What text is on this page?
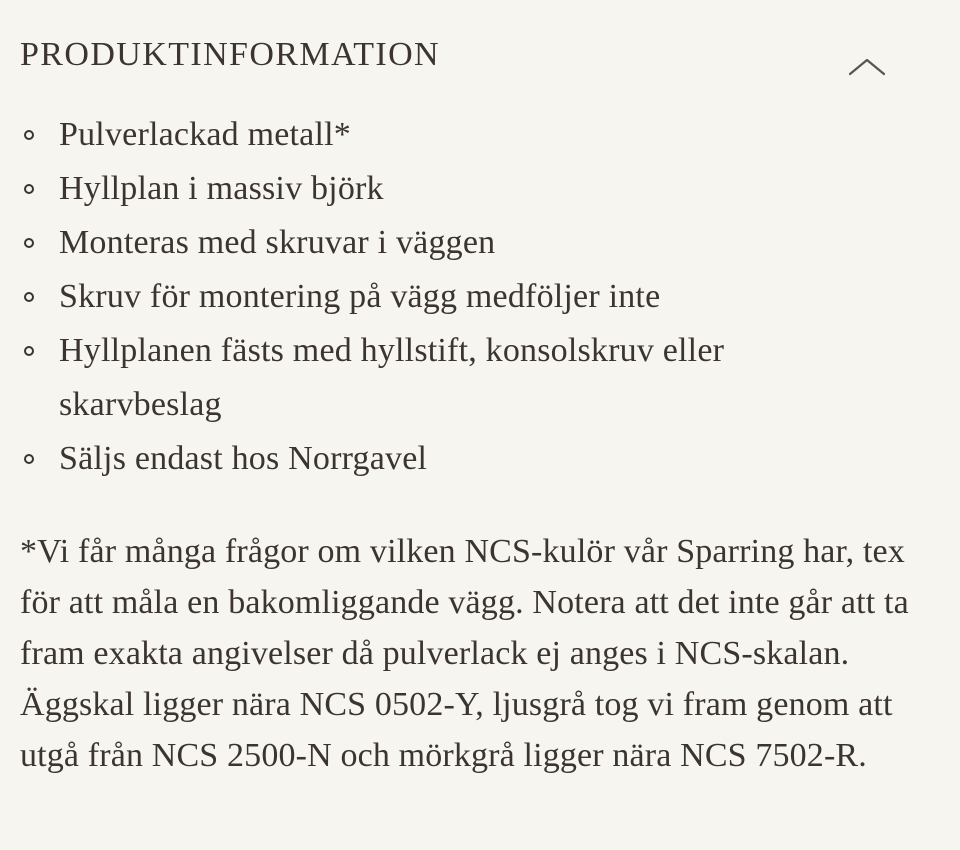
PRODUKTINFORMATION
Pulverlackad metall*
Hyllplan i massiv björk
Monteras med skruvar i väggen
Skruv för montering på vägg medföljer inte
Hyllplanen fästs med hyllstift, konsolskruv eller skarvbeslag
Säljs endast hos Norrgavel

*Vi får många frågor om vilken NCS-kulör vår Sparring har, tex för att måla en bakomliggande vägg. Notera att det inte går att ta fram exakta angivelser då pulverlack ej anges i NCS-skalan. Äggskal ligger nära NCS 0502-Y, ljusgrå tog vi fram genom att utgå från NCS 2500-N och mörkgrå ligger nära NCS 7502-R.
